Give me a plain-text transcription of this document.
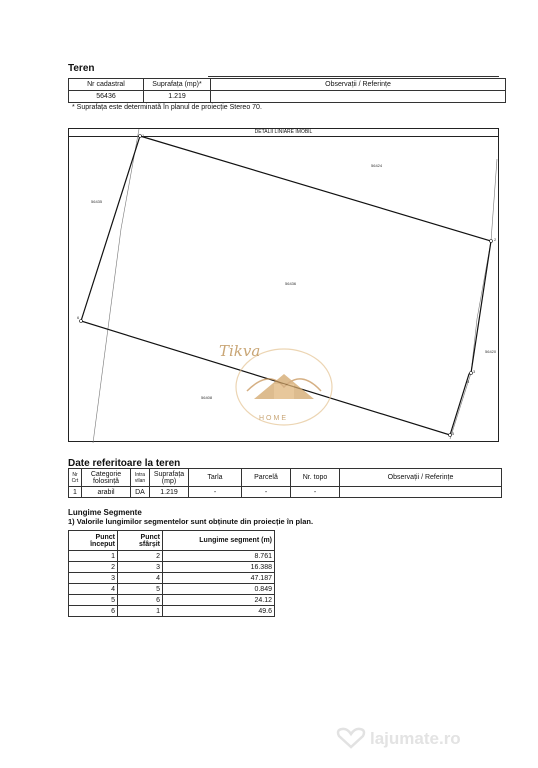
Teren
Nr cadastral	Suprafața (mp)*	Observații / Referințe
56436	1.219	
* Suprafața este determinată în planul de proiecție Stereo 70.
DETALII LINIARE IMOBIL
Tikva
HOME
56436
56424
56435
56408
56420
1
2
3
4
5
6
Date referitoare la teren
Nr Crt	Categorie folosință	Intra vilan	Suprafața (mp)	Tarla	Parcelă	Nr. topo	Observații / Referințe
1	arabil	DA	1.219	-	-	-	
Lungime Segmente
1) Valorile lungimilor segmentelor sunt obținute din proiecție în plan.
Punct început	Punct sfârșit	Lungime segment (m)
1	2	8.761
2	3	16.388
3	4	47.187
4	5	0.849
5	6	24.12
6	1	49.6
lajumate.ro
